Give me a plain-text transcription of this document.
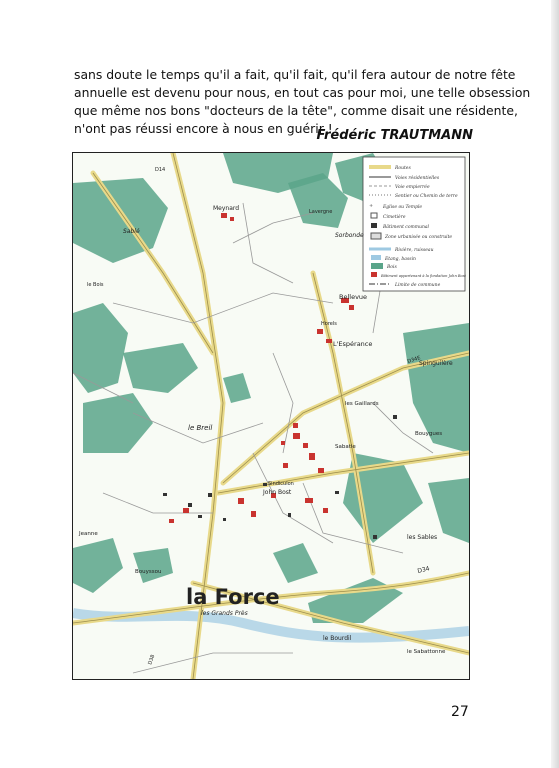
sans doute le temps qu'il a fait, qu'il fait, qu'il fera autour de notre fête
annuelle est devenu pour nous, en tout cas pour moi, une telle obsession
que même nos bons "docteurs de la tête", comme disait une résidente,
n'ont pas réussi encore à nous en guérir !
Frédéric TRAUTMANN
+
Routes
Voies résidentielles
Voie empierrée
Sentier ou Chemin de terre
Eglise ou Temple
Cimetière
Bâtiment communal
Zone urbanisée ou construite
Rivière, ruisseau
Etang, bassin
Bois
Bâtiment appartenant à la fondation John Bost
Limite de commune
Meynard	Lavergne
Sorbonde
Bellevue
Horels
L'Espérance
Spinguilère
les Gaillards
Bouygues
Sabatie
Sindiculon
John Bost
les Sables
le Bourdil
le Sabattonne
le Breil
le Bois
Sablé
Jeanne
Bouyssou	D34
D34E
D38
D14
la Force
les Grands Près
27
